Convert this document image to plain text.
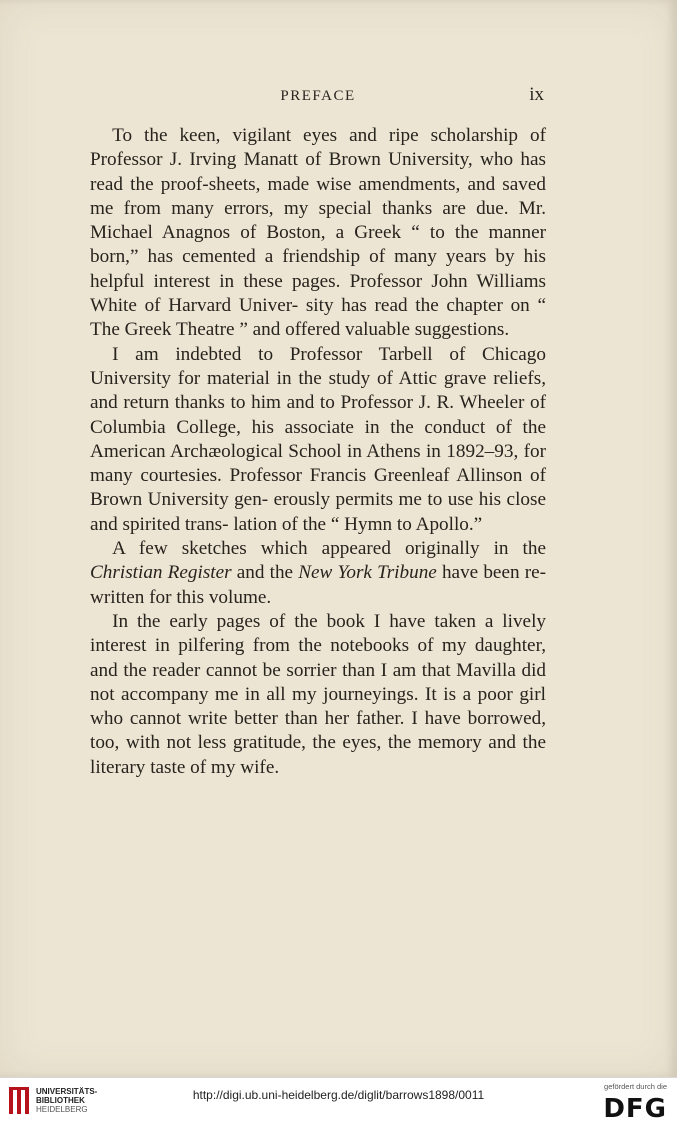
PREFACE	ix

To the keen, vigilant eyes and ripe scholarship of Professor J. Irving Manatt of Brown University, who has read the proof-sheets, made wise amendments, and saved me from many errors, my special thanks are due. Mr. Michael Anagnos of Boston, a Greek “ to the manner born,” has cemented a friendship of many years by his helpful interest in these pages. Professor John Williams White of Harvard Univer- sity has read the chapter on “ The Greek Theatre ” and offered valuable suggestions.

I am indebted to Professor Tarbell of Chicago University for material in the study of Attic grave reliefs, and return thanks to him and to Professor J. R. Wheeler of Columbia College, his associate in the conduct of the American Archæological School in Athens in 1892–93, for many courtesies. Professor Francis Greenleaf Allinson of Brown University gen- erously permits me to use his close and spirited trans- lation of the “ Hymn to Apollo.”

A few sketches which appeared originally in the Christian Register and the New York Tribune have been re-written for this volume.

In the early pages of the book I have taken a lively interest in pilfering from the notebooks of my daughter, and the reader cannot be sorrier than I am that Mavilla did not accompany me in all my journeyings. It is a poor girl who cannot write better than her father. I have borrowed, too, with not less gratitude, the eyes, the memory and the literary taste of my wife.

UNIVERSITÄTS-
BIBLIOTHEK
HEIDELBERG
http://digi.ub.uni-heidelberg.de/diglit/barrows1898/0011
gefördert durch die
DFG
